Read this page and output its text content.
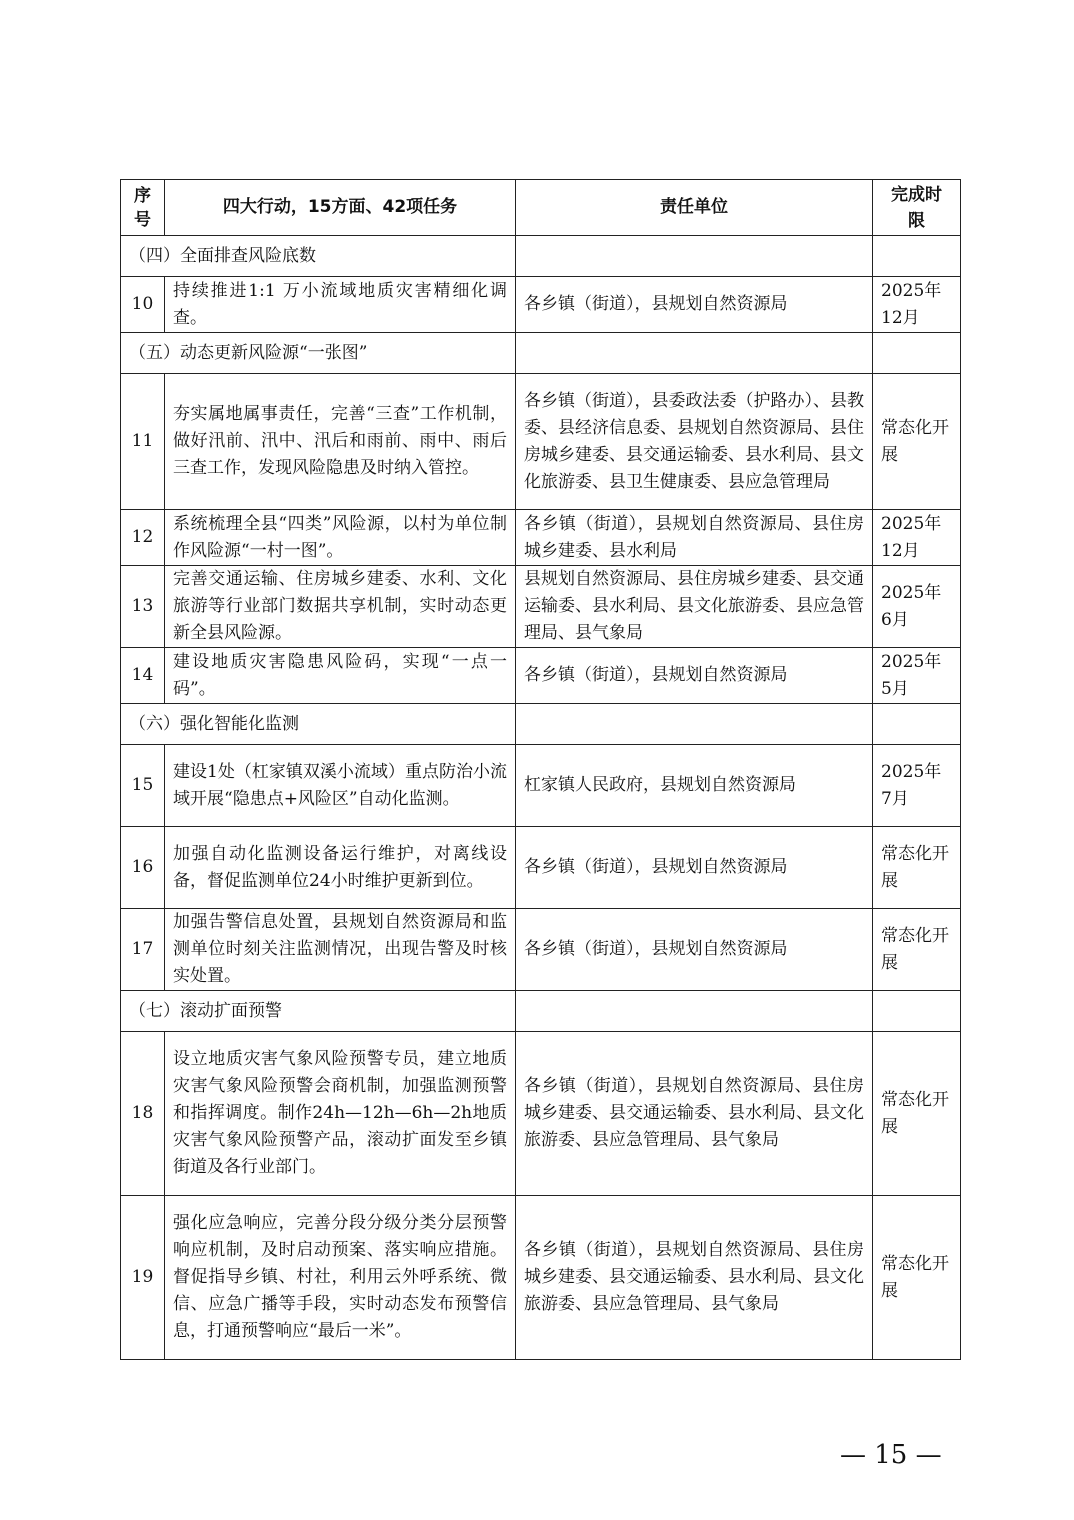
序号	四大行动，15方面、42项任务	责任单位	完成时限
（四）全面排查风险底数			
10	持续推进1:1 万小流域地质灾害精细化调查。	各乡镇（街道），县规划自然资源局	2025年12月
（五）动态更新风险源“一张图”			
11	夯实属地属事责任，完善“三查”工作机制，做好汛前、汛中、汛后和雨前、雨中、雨后三查工作，发现风险隐患及时纳入管控。	各乡镇（街道），县委政法委（护路办）、县教委、县经济信息委、县规划自然资源局、县住房城乡建委、县交通运输委、县水利局、县文化旅游委、县卫生健康委、县应急管理局	常态化开展
12	系统梳理全县“四类”风险源，以村为单位制作风险源“一村一图”。	各乡镇（街道），县规划自然资源局、县住房城乡建委、县水利局	2025年12月
13	完善交通运输、住房城乡建委、水利、文化旅游等行业部门数据共享机制，实时动态更新全县风险源。	县规划自然资源局、县住房城乡建委、县交通运输委、县水利局、县文化旅游委、县应急管理局、县气象局	2025年6月
14	建设地质灾害隐患风险码，实现“一点一码”。	各乡镇（街道），县规划自然资源局	2025年5月
（六）强化智能化监测			
15	建设1处（杠家镇双溪小流域）重点防治小流域开展“隐患点+风险区”自动化监测。	杠家镇人民政府，县规划自然资源局	2025年7月
16	加强自动化监测设备运行维护，对离线设备，督促监测单位24小时维护更新到位。	各乡镇（街道），县规划自然资源局	常态化开展
17	加强告警信息处置，县规划自然资源局和监测单位时刻关注监测情况，出现告警及时核实处置。	各乡镇（街道），县规划自然资源局	常态化开展
（七）滚动扩面预警			
18	设立地质灾害气象风险预警专员，建立地质灾害气象风险预警会商机制，加强监测预警和指挥调度。制作24h—12h—6h—2h地质灾害气象风险预警产品，滚动扩面发至乡镇街道及各行业部门。	各乡镇（街道），县规划自然资源局、县住房城乡建委、县交通运输委、县水利局、县文化旅游委、县应急管理局、县气象局	常态化开展
19	强化应急响应，完善分段分级分类分层预警响应机制，及时启动预案、落实响应措施。督促指导乡镇、村社，利用云外呼系统、微信、应急广播等手段，实时动态发布预警信息，打通预警响应“最后一米”。	各乡镇（街道），县规划自然资源局、县住房城乡建委、县交通运输委、县水利局、县文化旅游委、县应急管理局、县气象局	常态化开展
— 15 —
